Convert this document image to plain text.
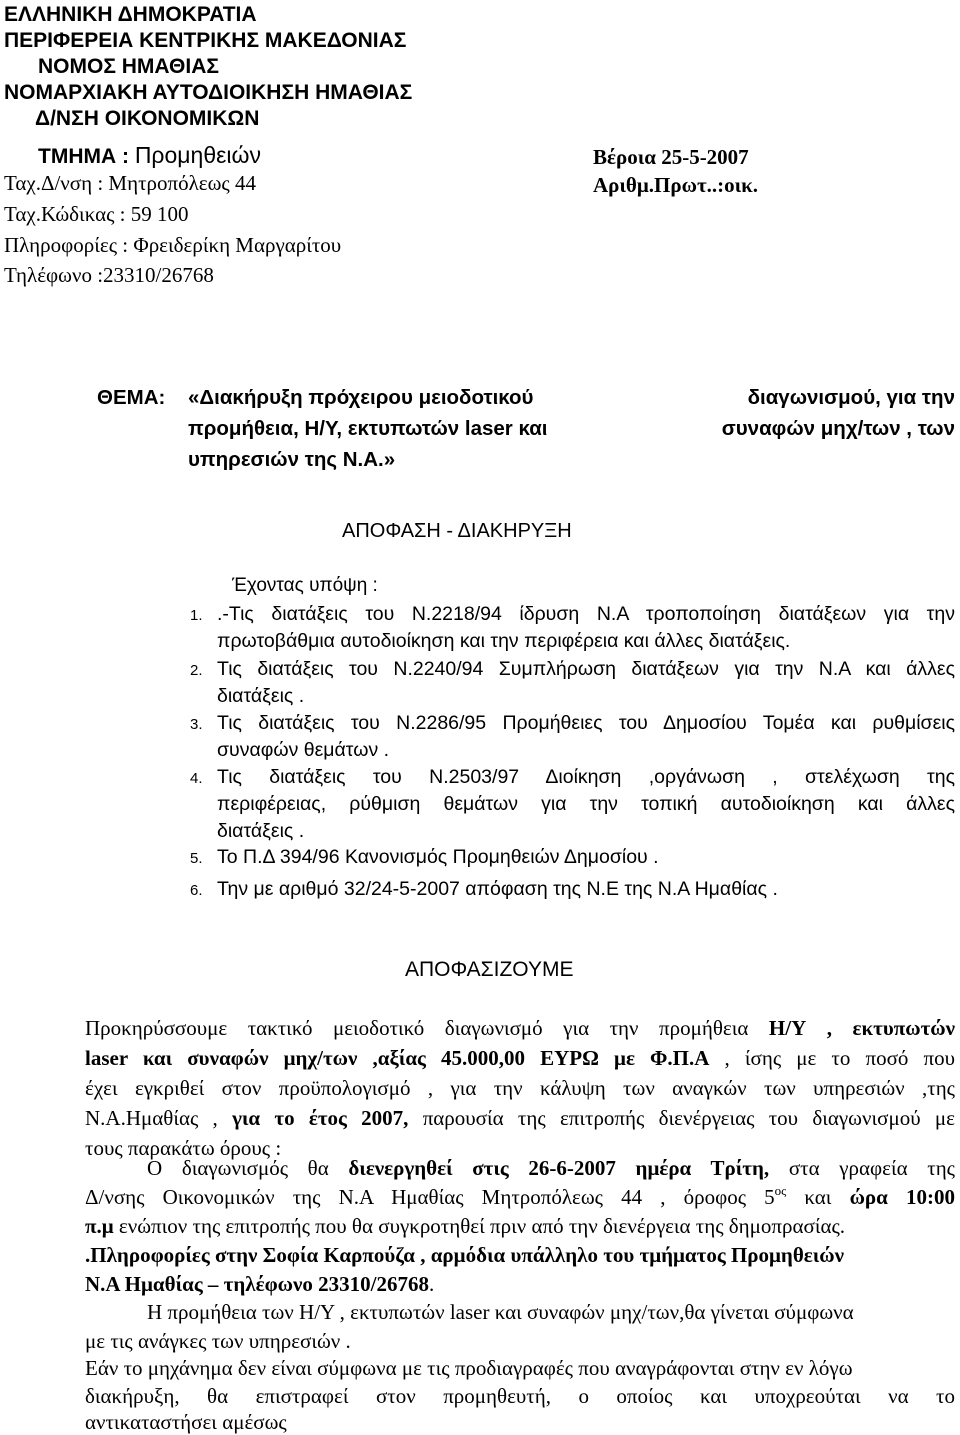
ΕΛΛΗΝΙΚΗ ΔΗΜΟΚΡΑΤΙΑ
ΠΕΡΙΦΕΡΕΙΑ ΚΕΝΤΡΙΚΗΣ ΜΑΚΕΔΟΝΙΑΣ
ΝΟΜΟΣ ΗΜΑΘΙΑΣ
ΝΟΜΑΡΧΙΑΚΗ ΑΥΤΟΔΙΟΙΚΗΣΗ ΗΜΑΘΙΑΣ
Δ/ΝΣΗ ΟΙΚΟΝΟΜΙΚΩΝ
ΤΜΗΜΑ : Προμηθειών
Ταχ.Δ/νση : Μητροπόλεως 44
Ταχ.Κώδικας : 59 100
Πληροφορίες : Φρειδερίκη Μαργαρίτου
Τηλέφωνο :23310/26768
Βέροια 25-5-2007
Αριθμ.Πρωτ..:οικ.
ΘΕΜΑ: «Διακήρυξη πρόχειρου μειοδοτικού	διαγωνισμού, για την
προμήθεια, Η/Υ, εκτυπωτών laser και	συναφών μηχ/των , των
υπηρεσιών της Ν.Α.»
ΑΠΟΦΑΣΗ - ΔΙΑΚΗΡΥΞΗ
Έχοντας υπόψη :
1. .-Τις διατάξεις του Ν.2218/94 ίδρυση Ν.Α τροποποίηση διατάξεων για την
πρωτοβάθμια αυτοδιοίκηση και την περιφέρεια και άλλες διατάξεις.
2. Τις διατάξεις του Ν.2240/94 Συμπλήρωση διατάξεων για την Ν.Α και άλλες
διατάξεις .
3. Τις διατάξεις του Ν.2286/95 Προμήθειες του Δημοσίου Τομέα και ρυθμίσεις
συναφών θεμάτων .
4. Τις διατάξεις του Ν.2503/97 Διοίκηση ,οργάνωση , στελέχωση της
περιφέρειας, ρύθμιση θεμάτων για την τοπική αυτοδιοίκηση και άλλες
διατάξεις .
5. Το Π.Δ 394/96 Κανονισμός Προμηθειών Δημοσίου .
6. Την με αριθμό 32/24-5-2007 απόφαση της Ν.Ε της Ν.Α Ημαθίας .
ΑΠΟΦΑΣΙΖΟΥΜΕ
Προκηρύσσουμε τακτικό μειοδοτικό διαγωνισμό για την προμήθεια Η/Υ , εκτυπωτών
laser και συναφών μηχ/των ,αξίας 45.000,00 ΕΥΡΩ με Φ.Π.Α , ίσης με το ποσό που
έχει εγκριθεί στον προϋπολογισμό , για την κάλυψη των αναγκών των υπηρεσιών ,της
Ν.Α.Ημαθίας , για το έτος 2007, παρουσία της επιτροπής διενέργειας του διαγωνισμού με
τους παρακάτω όρους :
Ο διαγωνισμός θα διενεργηθεί στις 26-6-2007 ημέρα Τρίτη, στα γραφεία της
Δ/νσης Οικονομικών της Ν.Α Ημαθίας Μητροπόλεως 44 , όροφος $5^{o\varsigma}$ και ώρα 10:00
π.μ ενώπιον της επιτροπής που θα συγκροτηθεί πριν από την διενέργεια της δημοπρασίας.
.Πληροφορίες στην Σοφία Καρπούζα , αρμόδια υπάλληλο του τμήματος Προμηθειών
Ν.Α Ημαθίας – τηλέφωνο 23310/26768.
Η προμήθεια των Η/Υ , εκτυπωτών laser και συναφών μηχ/των,θα γίνεται σύμφωνα
με τις ανάγκες των υπηρεσιών .
Εάν το μηχάνημα δεν είναι σύμφωνα με τις προδιαγραφές που αναγράφονται στην εν λόγω
διακήρυξη, θα επιστραφεί στον προμηθευτή, ο οποίος και υποχρεούται να το
αντικαταστήσει αμέσως
